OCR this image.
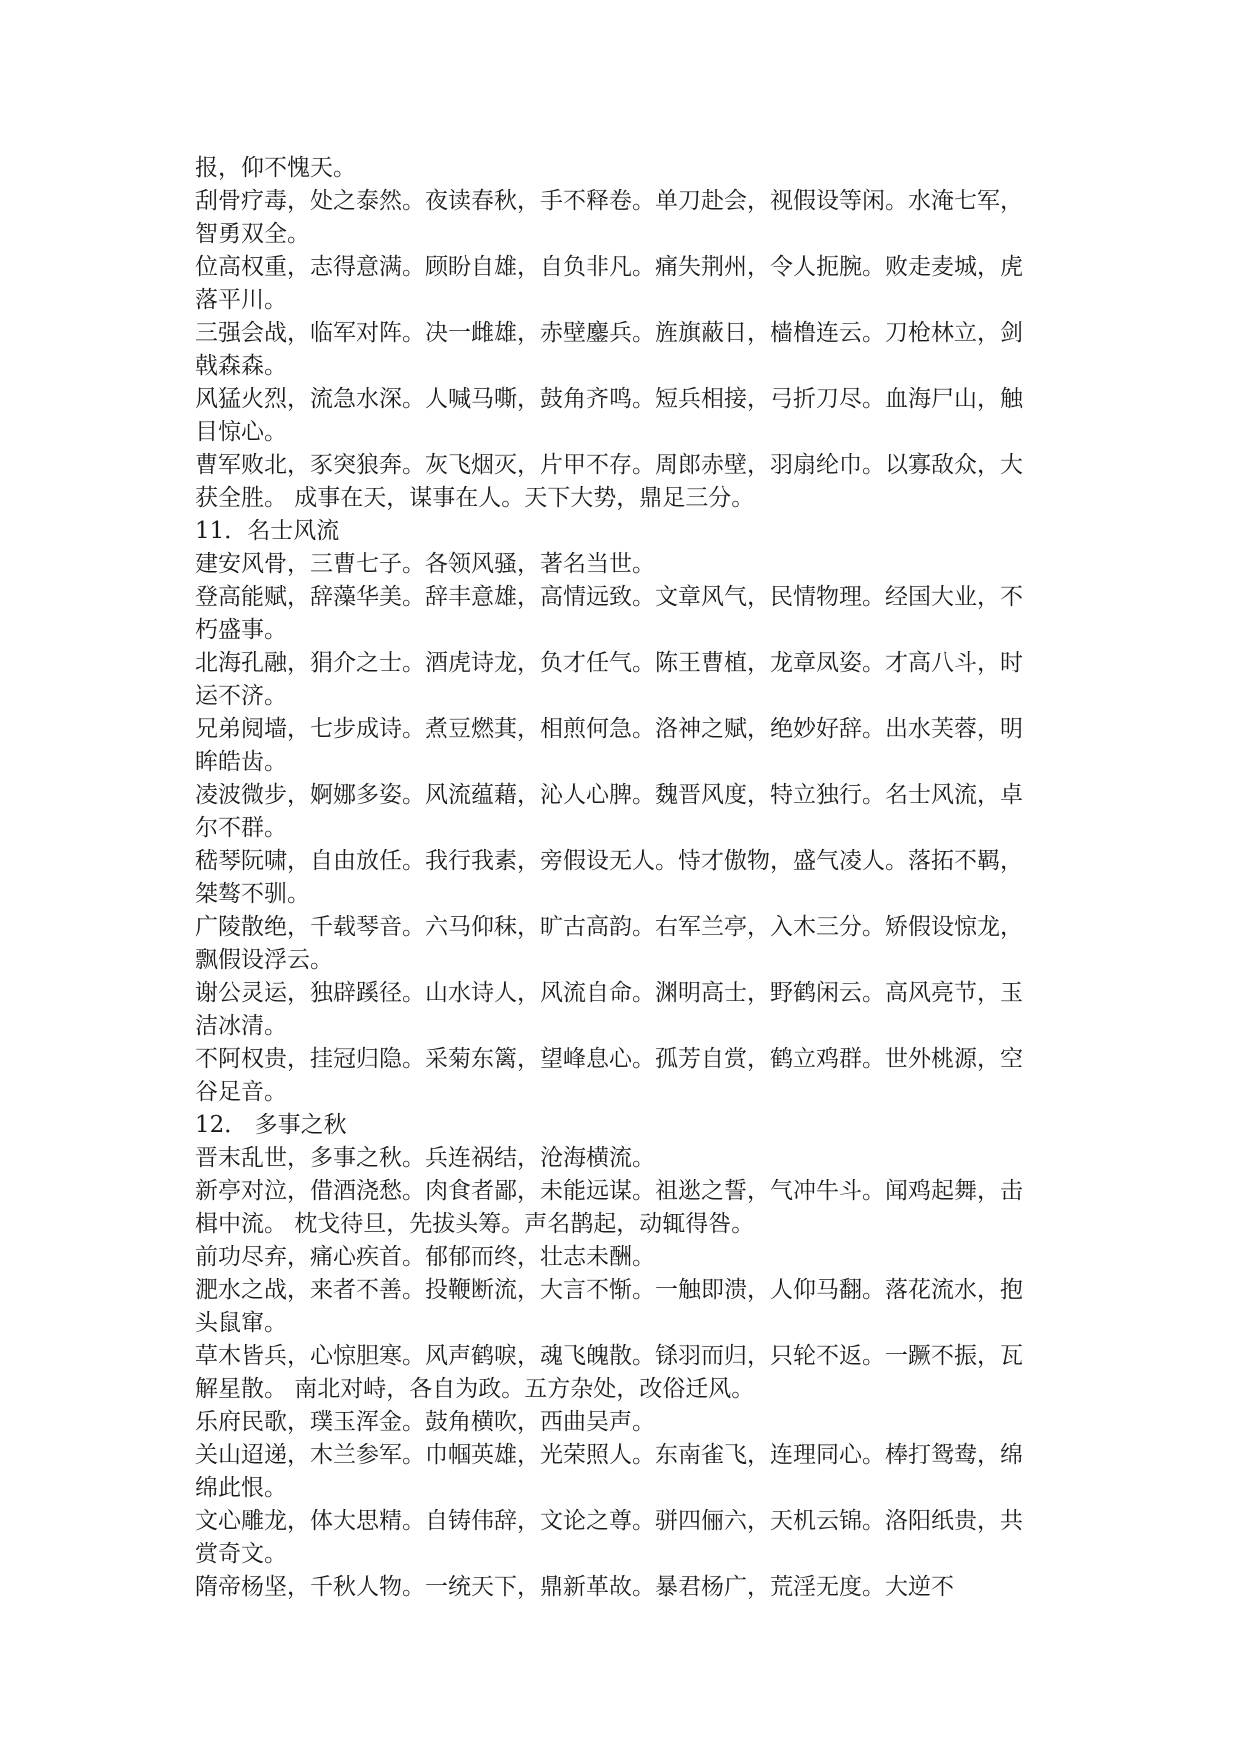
报，仰不愧天。

刮骨疗毒，处之泰然。夜读春秋，手不释卷。单刀赴会，视假设等闲。水淹七军，智勇双全。

位高权重，志得意满。顾盼自雄，自负非凡。痛失荆州，令人扼腕。败走麦城，虎落平川。

三强会战，临军对阵。决一雌雄，赤壁鏖兵。旌旗蔽日，樯橹连云。刀枪林立，剑戟森森。

风猛火烈，流急水深。人喊马嘶，鼓角齐鸣。短兵相接，弓折刀尽。血海尸山，触目惊心。

曹军败北，豕突狼奔。灰飞烟灭，片甲不存。周郎赤壁，羽扇纶巾。以寡敌众，大获全胜。 成事在天，谋事在人。天下大势，鼎足三分。

11．名士风流

建安风骨，三曹七子。各领风骚，著名当世。

登高能赋，辞藻华美。辞丰意雄，高情远致。文章风气，民情物理。经国大业，不朽盛事。

北海孔融，狷介之士。酒虎诗龙，负才任气。陈王曹植，龙章凤姿。才高八斗，时运不济。

兄弟阋墙，七步成诗。煮豆燃萁，相煎何急。洛神之赋，绝妙好辞。出水芙蓉，明眸皓齿。

凌波微步，婀娜多姿。风流蕴藉，沁人心脾。魏晋风度，特立独行。名士风流，卓尔不群。

嵇琴阮啸，自由放任。我行我素，旁假设无人。恃才傲物，盛气凌人。落拓不羁，桀骜不驯。

广陵散绝，千载琴音。六马仰秣，旷古高韵。右军兰亭，入木三分。矫假设惊龙，飘假设浮云。

谢公灵运，独辟蹊径。山水诗人，风流自命。渊明高士，野鹤闲云。高风亮节，玉洁冰清。

不阿权贵，挂冠归隐。采菊东篱，望峰息心。孤芳自赏，鹤立鸡群。世外桃源，空谷足音。

12． 多事之秋

晋末乱世，多事之秋。兵连祸结，沧海横流。

新亭对泣，借酒浇愁。肉食者鄙，未能远谋。祖逖之誓，气冲牛斗。闻鸡起舞，击楫中流。 枕戈待旦，先拔头筹。声名鹊起，动辄得咎。

前功尽弃，痛心疾首。郁郁而终，壮志未酬。

淝水之战，来者不善。投鞭断流，大言不惭。一触即溃，人仰马翻。落花流水，抱头鼠窜。

草木皆兵，心惊胆寒。风声鹤唳，魂飞魄散。铩羽而归，只轮不返。一蹶不振，瓦解星散。 南北对峙，各自为政。五方杂处，改俗迁风。

乐府民歌，璞玉浑金。鼓角横吹，西曲吴声。

关山迢递，木兰参军。巾帼英雄，光荣照人。东南雀飞，连理同心。棒打鸳鸯，绵绵此恨。

文心雕龙，体大思精。自铸伟辞，文论之尊。骈四俪六，天机云锦。洛阳纸贵，共赏奇文。

隋帝杨坚，千秋人物。一统天下，鼎新革故。暴君杨广，荒淫无度。大逆不
